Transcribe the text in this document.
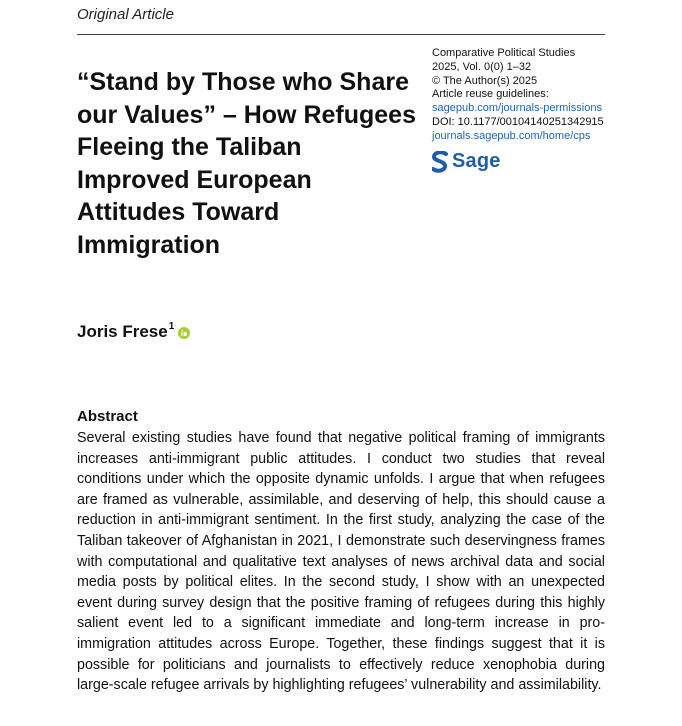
Original Article
“Stand by Those who Share our Values” – How Refugees Fleeing the Taliban Improved European Attitudes Toward Immigration
Comparative Political Studies
2025, Vol. 0(0) 1–32
© The Author(s) 2025
Article reuse guidelines:
sagepub.com/journals-permissions
DOI: 10.1177/00104140251342915
journals.sagepub.com/home/cps
Sage
Joris Frese$^1$
Abstract
Several existing studies have found that negative political framing of immigrants increases anti-immigrant public attitudes. I conduct two studies that reveal conditions under which the opposite dynamic unfolds. I argue that when refugees are framed as vulnerable, assimilable, and deserving of help, this should cause a reduction in anti-immigrant sentiment. In the first study, analyzing the case of the Taliban takeover of Afghanistan in 2021, I demonstrate such deservingness frames with computational and qualitative text analyses of news archival data and social media posts by political elites. In the second study, I show with an unexpected event during survey design that the positive framing of refugees during this highly salient event led to a significant immediate and long-term increase in pro-immigration attitudes across Europe. Together, these findings suggest that it is possible for politicians and journalists to effectively reduce xenophobia during large-scale refugee arrivals by highlighting refugees’ vulnerability and assimilability.
